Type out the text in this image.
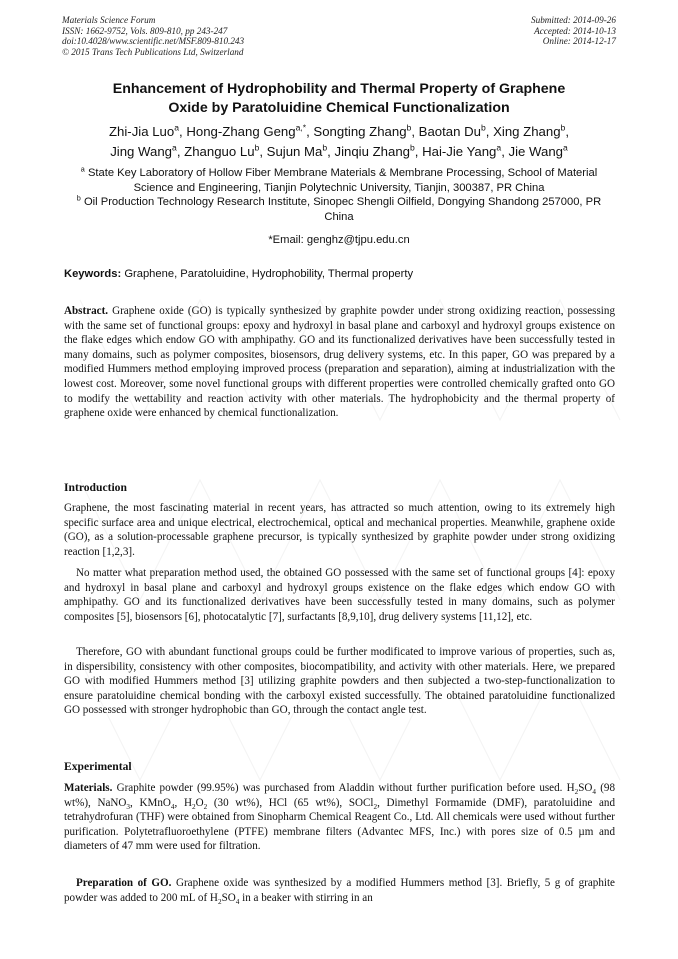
Materials Science Forum
ISSN: 1662-9752, Vols. 809-810, pp 243-247
doi:10.4028/www.scientific.net/MSF.809-810.243
© 2015 Trans Tech Publications Ltd, Switzerland
Submitted: 2014-09-26
Accepted: 2014-10-13
Online: 2014-12-17
Enhancement of Hydrophobility and Thermal Property of Graphene
Oxide by Paratoluidine Chemical Functionalization
Zhi-Jia Luo$^a$, Hong-Zhang Geng$^{a,*}$, Songting Zhang$^b$, Baotan Du$^b$, Xing Zhang$^b$,
Jing Wang$^a$, Zhanguo Lu$^b$, Sujun Ma$^b$, Jinqiu Zhang$^b$, Hai-Jie Yang$^a$, Jie Wang$^a$
$^a$ State Key Laboratory of Hollow Fiber Membrane Materials & Membrane Processing, School of Material Science and Engineering, Tianjin Polytechnic University, Tianjin, 300387, PR China
$^b$ Oil Production Technology Research Institute, Sinopec Shengli Oilfield, Dongying Shandong 257000, PR China
*Email: genghz@tjpu.edu.cn
Keywords: Graphene, Paratoluidine, Hydrophobility, Thermal property
Abstract. Graphene oxide (GO) is typically synthesized by graphite powder under strong oxidizing reaction, possessing with the same set of functional groups: epoxy and hydroxyl in basal plane and carboxyl and hydroxyl groups existence on the flake edges which endow GO with amphipathy. GO and its functionalized derivatives have been successfully tested in many domains, such as polymer composites, biosensors, drug delivery systems, etc. In this paper, GO was prepared by a modified Hummers method employing improved process (preparation and separation), aiming at industrialization with the lowest cost. Moreover, some novel functional groups with different properties were controlled chemically grafted onto GO to modify the wettability and reaction activity with other materials. The hydrophobicity and the thermal property of graphene oxide were enhanced by chemical functionalization.
Introduction
Graphene, the most fascinating material in recent years, has attracted so much attention, owing to its extremely high specific surface area and unique electrical, electrochemical, optical and mechanical properties. Meanwhile, graphene oxide (GO), as a solution-processable graphene precursor, is typically synthesized by graphite powder under strong oxidizing reaction [1,2,3].
No matter what preparation method used, the obtained GO possessed with the same set of functional groups [4]: epoxy and hydroxyl in basal plane and carboxyl and hydroxyl groups existence on the flake edges which endow GO with amphipathy. GO and its functionalized derivatives have been successfully tested in many domains, such as polymer composites [5], biosensors [6], photocatalytic [7], surfactants [8,9,10], drug delivery systems [11,12], etc.
Therefore, GO with abundant functional groups could be further modificated to improve various of properties, such as, in dispersibility, consistency with other composites, biocompatibility, and activity with other materials. Here, we prepared GO with modified Hummers method [3] utilizing graphite powders and then subjected a two-step-functionalization to ensure paratoluidine chemical bonding with the carboxyl existed successfully. The obtained paratoluidine functionalized GO possessed with stronger hydrophobic than GO, through the contact angle test.
Experimental
Materials. Graphite powder (99.95%) was purchased from Aladdin without further purification before used. $H_2SO_4$ (98 wt%), NaNO$_3$, KMnO$_4$, $H_2O_2$ (30 wt%), HCl (65 wt%), SOCl$_2$, Dimethyl Formamide (DMF), paratoluidine and tetrahydrofuran (THF) were obtained from Sinopharm Chemical Reagent Co., Ltd. All chemicals were used without further purification. Polytetrafluoroethylene (PTFE) membrane filters (Advantec MFS, Inc.) with pores size of 0.5 µm and diameters of 47 mm were used for filtration.
Preparation of GO. Graphene oxide was synthesized by a modified Hummers method [3]. Briefly, 5 g of graphite powder was added to 200 mL of $H_2SO_4$ in a beaker with stirring in an
